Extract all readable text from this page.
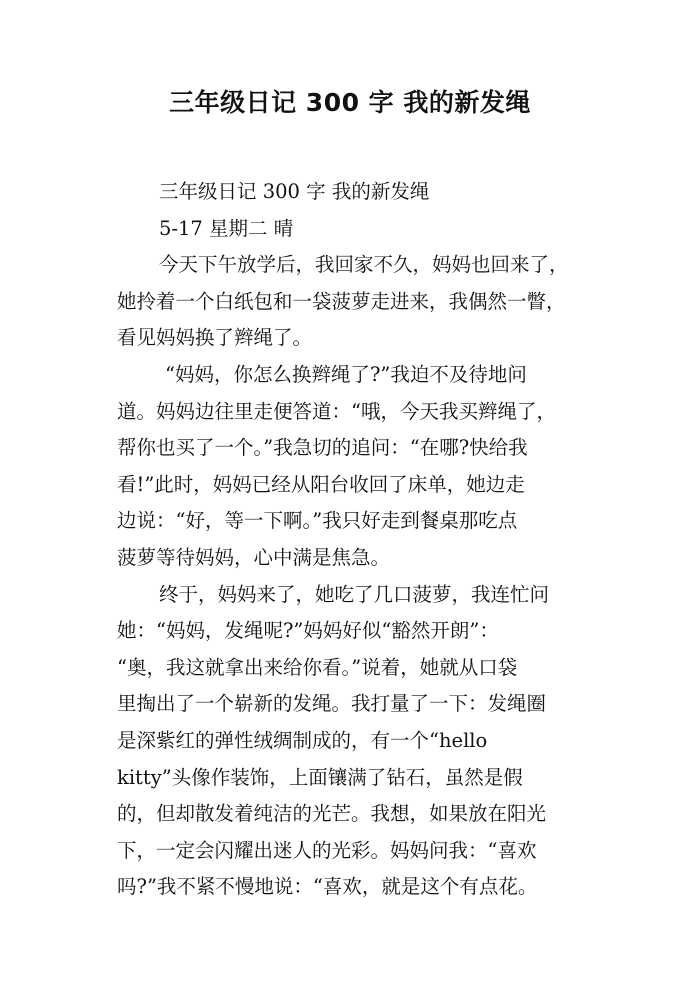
三年级日记 300 字 我的新发绳
三年级日记 300 字 我的新发绳
5-17 星期二 晴
今天下午放学后，我回家不久，妈妈也回来了，
她拎着一个白纸包和一袋菠萝走进来，我偶然一瞥，
看见妈妈换了辫绳了。
“妈妈，你怎么换辫绳了?”我迫不及待地问
道。妈妈边往里走便答道：“哦，今天我买辫绳了，
帮你也买了一个。”我急切的追问：“在哪?快给我
看!”此时，妈妈已经从阳台收回了床单，她边走
边说：“好，等一下啊。”我只好走到餐桌那吃点
菠萝等待妈妈，心中满是焦急。
终于，妈妈来了，她吃了几口菠萝，我连忙问
她：“妈妈，发绳呢?”妈妈好似“豁然开朗”：
“奥，我这就拿出来给你看。”说着，她就从口袋
里掏出了一个崭新的发绳。我打量了一下：发绳圈
是深紫红的弹性绒绸制成的，有一个“hello
kitty”头像作装饰，上面镶满了钻石，虽然是假
的，但却散发着纯洁的光芒。我想，如果放在阳光
下，一定会闪耀出迷人的光彩。妈妈问我：“喜欢
吗?”我不紧不慢地说：“喜欢，就是这个有点花。
